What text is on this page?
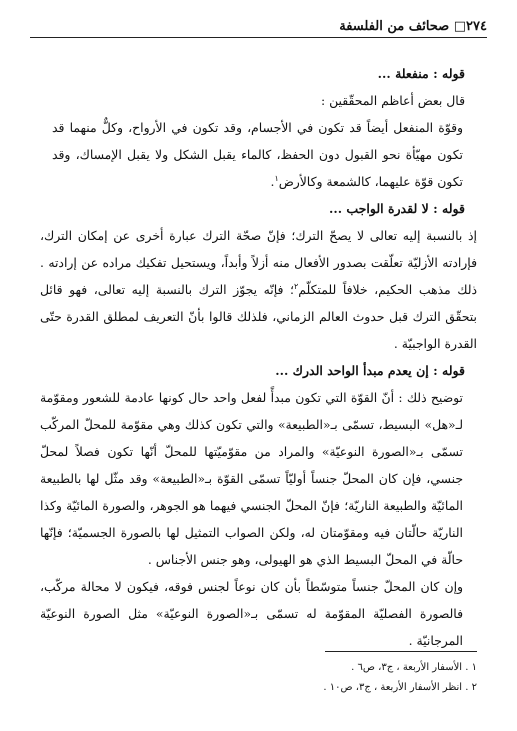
٢٧٤
□ صحائف من الفلسفة

قوله : منفعلة ...

قال بعض أعاظم المحقّقين :

وقوّة المنفعل أيضاً قد تكون في الأجسام، وقد تكون في الأرواح، وكلٌّ منهما قد تكون مهيّأة نحو القبول دون الحفظ، كالماء يقبل الشكل ولا يقبل الإمساك، وقد تكون قوّة عليهما، كالشمعة وكالأرض$^١$.

قوله : لا لقدرة الواجب ...

إذ بالنسبة إليه تعالى لا يصحّ الترك؛ فإنّ صحّة الترك عبارة أخرى عن إمكان الترك، فإرادته الأزليّة تعلّقت بصدور الأفعال منه أزلاً وأبداً، ويستحيل تفكيك مراده عن إرادته . ذلك مذهب الحكيم، خلافاً للمتكلّم$^٢$؛ فإنّه يجوّز الترك بالنسبة إليه تعالى، فهو قائل بتحقّق الترك قبل حدوث العالم الزماني، فلذلك قالوا بأنّ التعريف لمطلق القدرة حتّى القدرة الواجبيّة .

قوله : إن يعدم مبدأ الواحد الدرك ...

توضيح ذلك : أنّ القوّة التي تكون مبدأً لفعل واحد حال كونها عادمة للشعور ومقوّمة لـ«هل» البسيط، تسمّى بـ«الطبيعة» والتي تكون كذلك وهي مقوّمة للمحلّ المركّب تسمّى بـ«الصورة النوعيّة» والمراد من مقوّميّتها للمحلّ أنّها تكون فصلاً لمحلّ جنسي، فإن كان المحلّ جنساً أوليّاً تسمّى القوّة بـ«الطبيعة» وقد مثّل لها بالطبيعة المائيّة والطبيعة الناريّة؛ فإنّ المحلّ الجنسي فيهما هو الجوهر، والصورة المائيّة وكذا الناريّة حالّتان فيه ومقوّمتان له، ولكن الصواب التمثيل لها بالصورة الجسميّة؛ فإنّها حالّة في المحلّ البسيط الذي هو الهيولى، وهو جنس الأجناس .

وإن كان المحلّ جنساً متوسّطاً بأن كان نوعاً لجنس فوقه، فيكون لا محالة مركّب، فالصورة الفصليّة المقوّمة له تسمّى بـ«الصورة النوعيّة» مثل الصورة النوعيّة المرجانيّة .

١ . الأسفار الأربعة ، ج٣، ص٦ .
٢ . انظر الأسفار الأربعة ، ج٣، ص١٠ .
